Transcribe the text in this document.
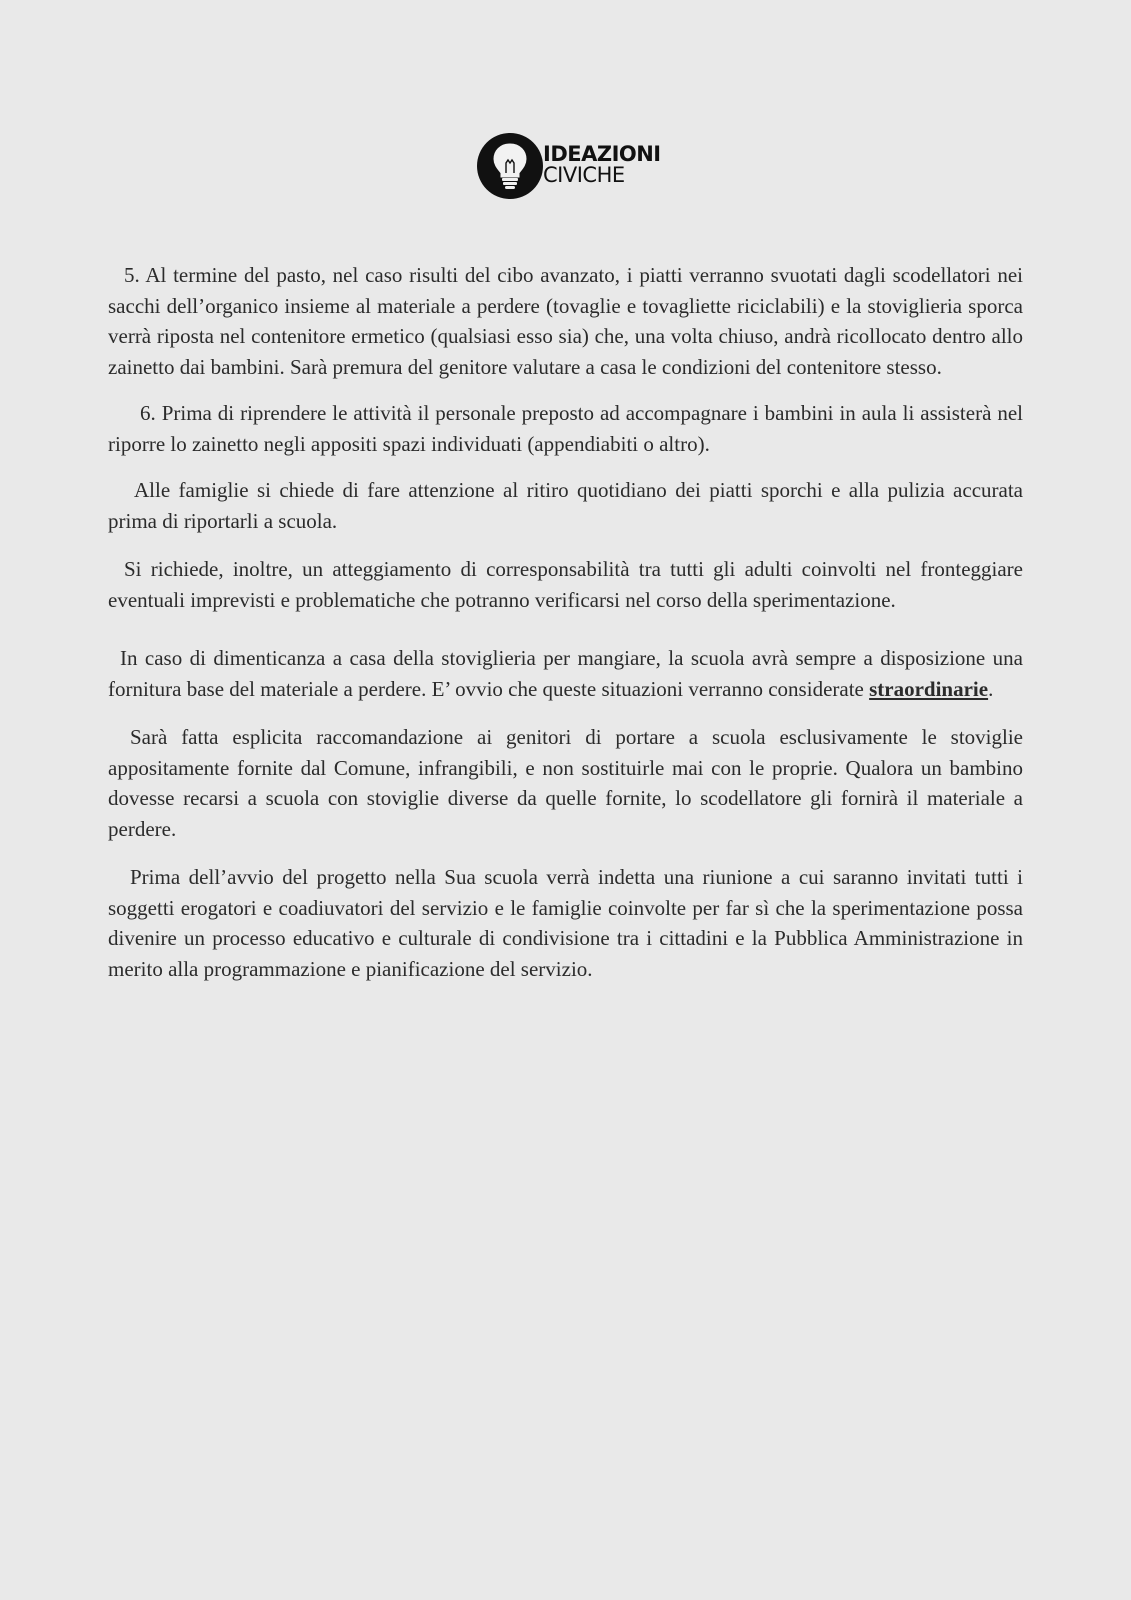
IDEAZIONI
CIVICHE

5. Al termine del pasto, nel caso risulti del cibo avanzato, i piatti verranno svuotati dagli scodellatori nei sacchi dell’organico insieme al materiale a perdere (tovaglie e tovagliette riciclabili) e la stoviglieria sporca verrà riposta nel contenitore ermetico (qualsiasi esso sia) che, una volta chiuso, andrà ricollocato dentro allo zainetto dai bambini. Sarà premura del genitore valutare a casa le condizioni del contenitore stesso.

6. Prima di riprendere le attività il personale preposto ad accompagnare i bambini in aula li assisterà nel riporre lo zainetto negli appositi spazi individuati (appendiabiti o altro).

Alle famiglie si chiede di fare attenzione al ritiro quotidiano dei piatti sporchi e alla pulizia accurata prima di riportarli a scuola.

Si richiede, inoltre, un atteggiamento di corresponsabilità tra tutti gli adulti coinvolti nel fronteggiare eventuali imprevisti e problematiche che potranno verificarsi nel corso della sperimentazione.

In caso di dimenticanza a casa della stoviglieria per mangiare, la scuola avrà sempre a disposizione una fornitura base del materiale a perdere. E’ ovvio che queste situazioni verranno considerate straordinarie.

Sarà fatta esplicita raccomandazione ai genitori di portare a scuola esclusivamente le stoviglie appositamente fornite dal Comune, infrangibili, e non sostituirle mai con le proprie. Qualora un bambino dovesse recarsi a scuola con stoviglie diverse da quelle fornite, lo scodellatore gli fornirà il materiale a perdere.

Prima dell’avvio del progetto nella Sua scuola verrà indetta una riunione a cui saranno invitati tutti i soggetti erogatori e coadiuvatori del servizio e le famiglie coinvolte per far sì che la sperimentazione possa divenire un processo educativo e culturale di condivisione tra i cittadini e la Pubblica Amministrazione in merito alla programmazione e pianificazione del servizio.
